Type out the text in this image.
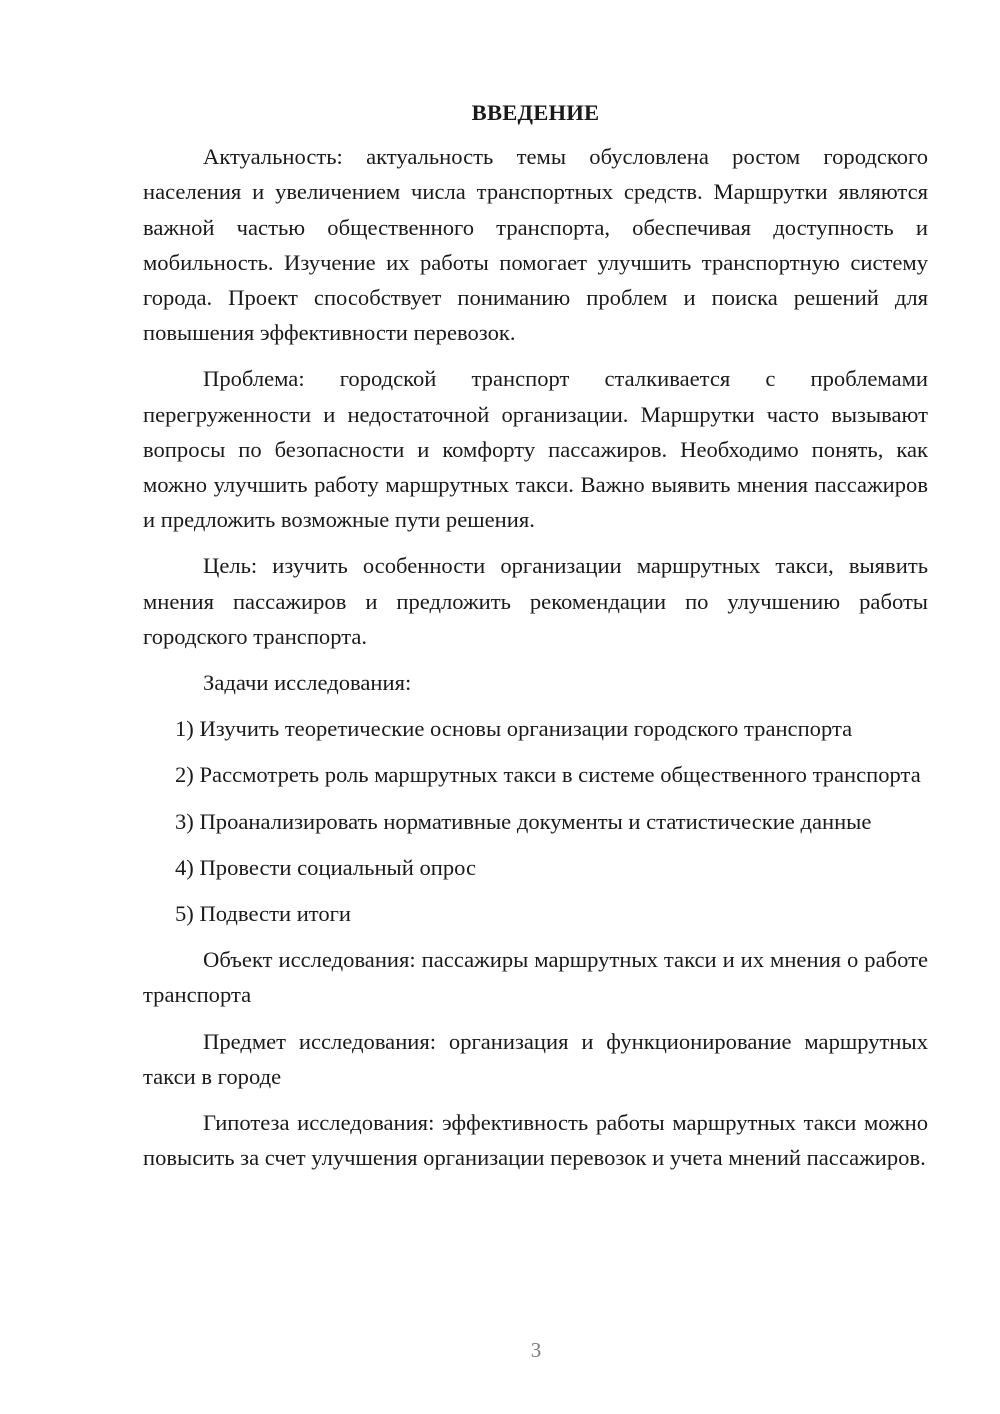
ВВЕДЕНИЕ

Актуальность: актуальность темы обусловлена ростом городского населения и увеличением числа транспортных средств. Маршрутки являются важной частью общественного транспорта, обеспечивая доступность и мобильность. Изучение их работы помогает улучшить транспортную систему города. Проект способствует пониманию проблем и поиска решений для повышения эффективности перевозок.

Проблема: городской транспорт сталкивается с проблемами перегруженности и недостаточной организации. Маршрутки часто вызывают вопросы по безопасности и комфорту пассажиров. Необходимо понять, как можно улучшить работу маршрутных такси. Важно выявить мнения пассажиров и предложить возможные пути решения.

Цель: изучить особенности организации маршрутных такси, выявить мнения пассажиров и предложить рекомендации по улучшению работы городского транспорта.

Задачи исследования:

1) Изучить теоретические основы организации городского транспорта

2) Рассмотреть роль маршрутных такси в системе общественного транспорта

3) Проанализировать нормативные документы и статистические данные

4) Провести социальный опрос

5) Подвести итоги

Объект исследования: пассажиры маршрутных такси и их мнения о работе транспорта

Предмет исследования: организация и функционирование маршрутных такси в городе

Гипотеза исследования: эффективность работы маршрутных такси можно повысить за счет улучшения организации перевозок и учета мнений пассажиров.

3
